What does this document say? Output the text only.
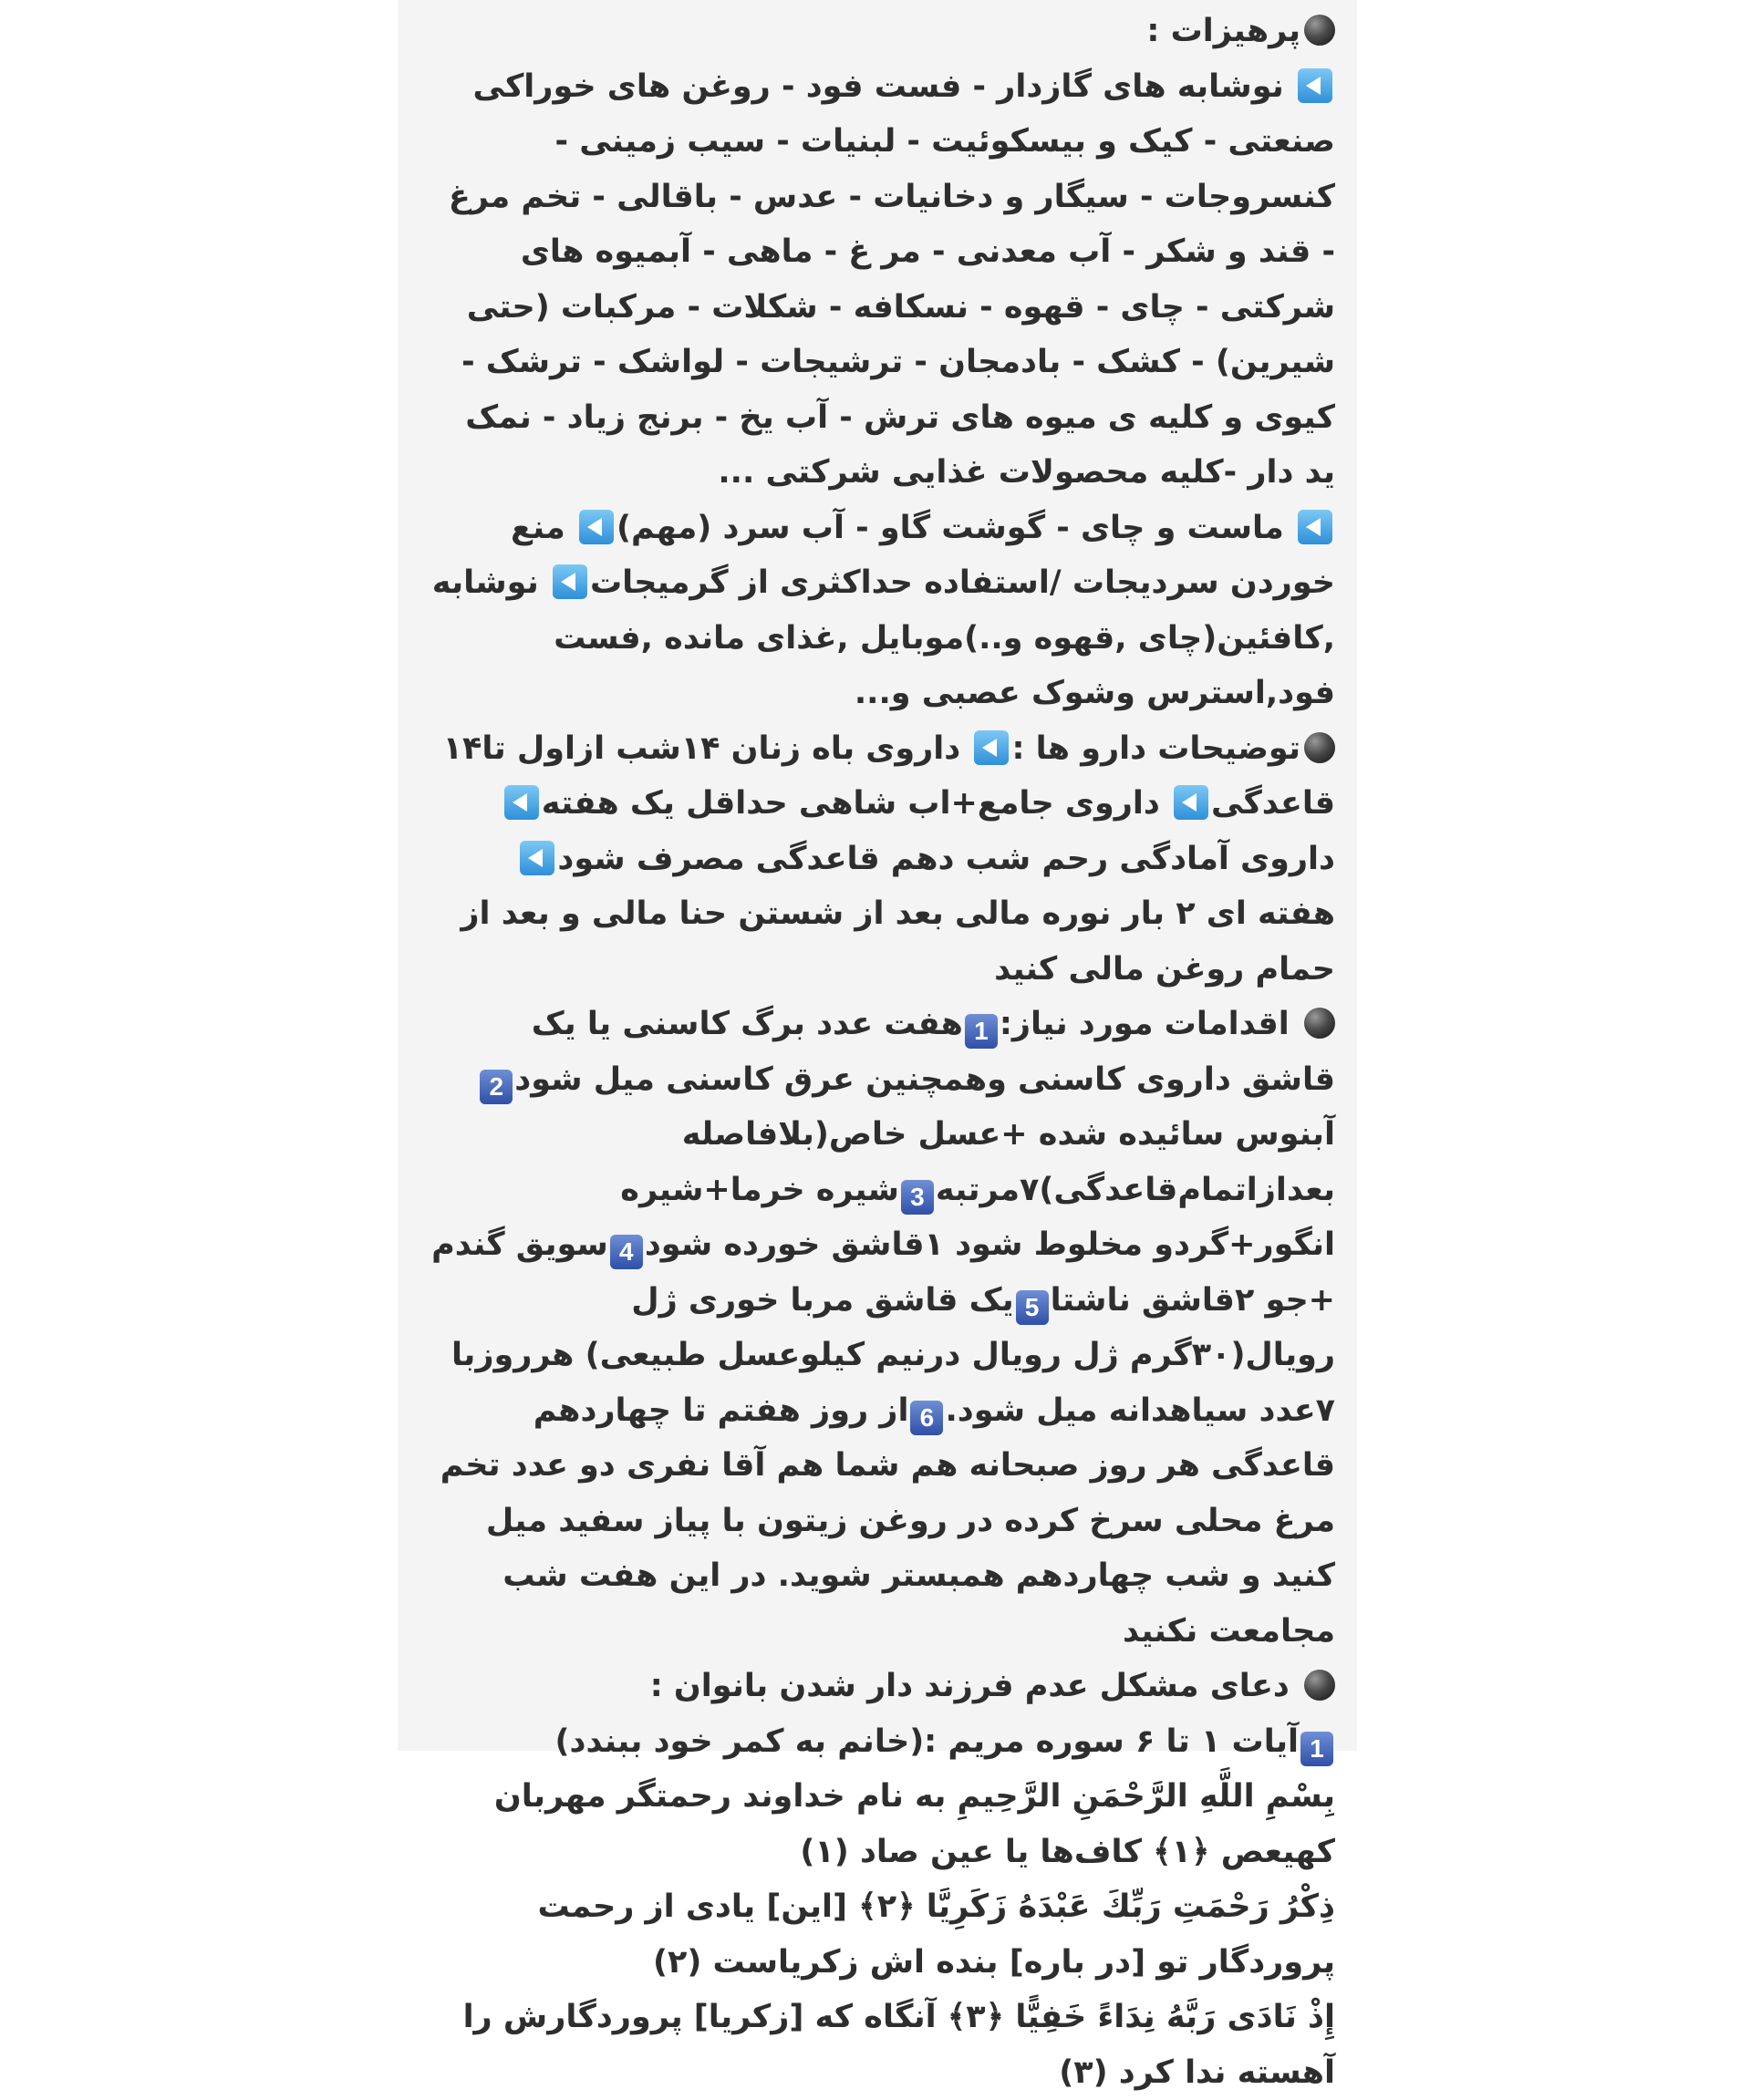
پرهیزات :

نوشابه های گازدار - فست فود - روغن های خوراکی صنعتی - کیک و بیسکوئیت - لبنیات - سیب زمینی - کنسروجات - سیگار و دخانیات - عدس - باقالی - تخم مرغ - قند و شکر - آب معدنی - مر غ - ماهی - آبمیوه های شرکتی - چای - قهوه - نسکافه - شکلات - مرکبات (حتی شیرین) - کشک - بادمجان - ترشیجات - لواشک - ترشک - کیوی و کلیه ی میوه های ترش - آب یخ - برنج زیاد - نمک ید دار -کلیه محصولات غذایی شرکتی ...

ماست و چای - گوشت گاو - آب سرد (مهم) منع خوردن سردیجات /استفاده حداکثری از گرمیجات نوشابه ,کافئین(چای ,قهوه و..)موبایل ,غذای مانده ,فست فود,استرس وشوک عصبی و...

توضیحات دارو ها : داروی باه زنان ۱۴شب ازاول تا۱۴ قاعدگی داروی جامع+اب شاهی حداقل یک هفته داروی آمادگی رحم شب دهم قاعدگی مصرف شود هفته ای ۲ بار نوره مالی بعد از شستن حنا مالی و بعد از حمام روغن مالی کنید

اقدامات مورد نیاز:1هفت عدد برگ کاسنی یا یک قاشق داروی کاسنی وهمچنین عرق کاسنی میل شود2آبنوس سائیده شده +عسل خاص(بلافاصله بعدازاتمام‌قاعدگی)۷مرتبه3شیره خرما+شیره انگور+گردو مخلوط شود ۱قاشق خورده شود4سویق گندم +جو ۲قاشق ناشتا5یک قاشق مربا خوری ژل رویال(۳۰گرم ژل رویال درنیم کیلوعسل طبیعی) هرروزبا ۷عدد سیاهدانه میل شود.6از روز هفتم تا چهاردهم قاعدگی هر روز صبحانه هم شما هم آقا نفری دو عدد تخم مرغ محلی سرخ کرده در روغن زیتون با پیاز سفید میل کنید و شب چهاردهم همبستر شوید. در این هفت شب مجامعت نکنید

دعای مشکل عدم فرزند دار شدن بانوان :

1آیات ۱ تا ۶ سوره مریم :(خانم به کمر خود ببندد)

بِسْمِ اللَّهِ الرَّحْمَنِ الرَّحِيمِ به نام خداوند رحمتگر مهربان

كهيعص ﴿١﴾ كاف‌ها یا عین صاد (۱)

ذِكْرُ رَحْمَتِ رَبِّكَ عَبْدَهُ زَكَرِيَّا ﴿٢﴾ [این] یادی از رحمت پروردگار تو [در باره] بنده اش زکریاست (۲)

إِذْ نَادَى رَبَّهُ نِدَاءً خَفِيًّا ﴿٣﴾ آنگاه که [زکریا] پروردگارش را آهسته ندا کرد (۳)
